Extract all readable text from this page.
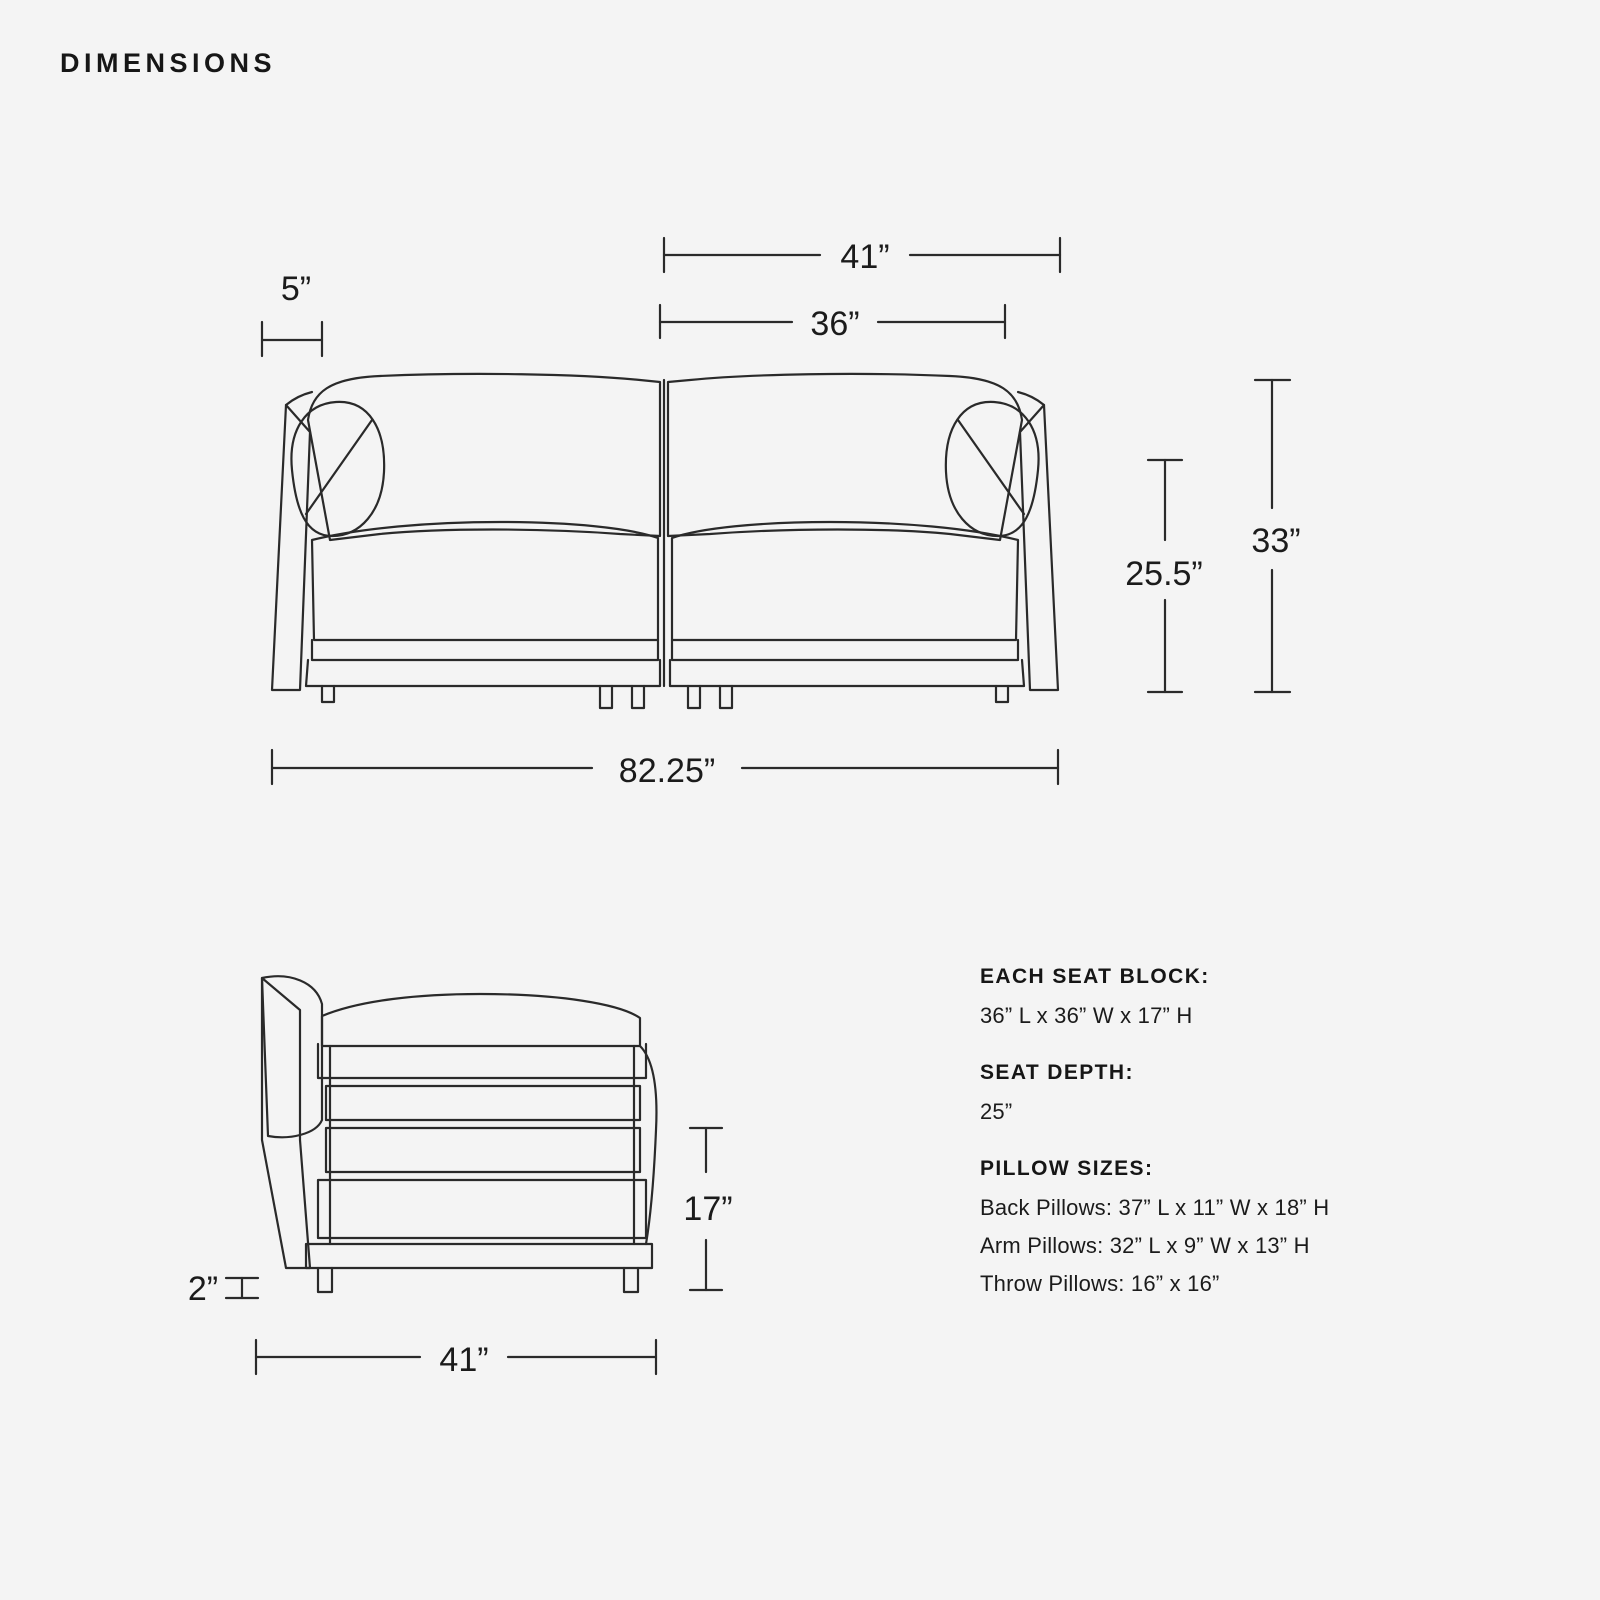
DIMENSIONS
41”
36”
5”
82.25”
33”
25.5”
17”
2”
41”
EACH SEAT BLOCK:
36” L x 36” W x 17” H
SEAT DEPTH:
25”
PILLOW SIZES:
Back Pillows: 37” L x 11” W x 18” H
Arm Pillows: 32” L x 9” W x 13” H
Throw Pillows: 16” x 16”
